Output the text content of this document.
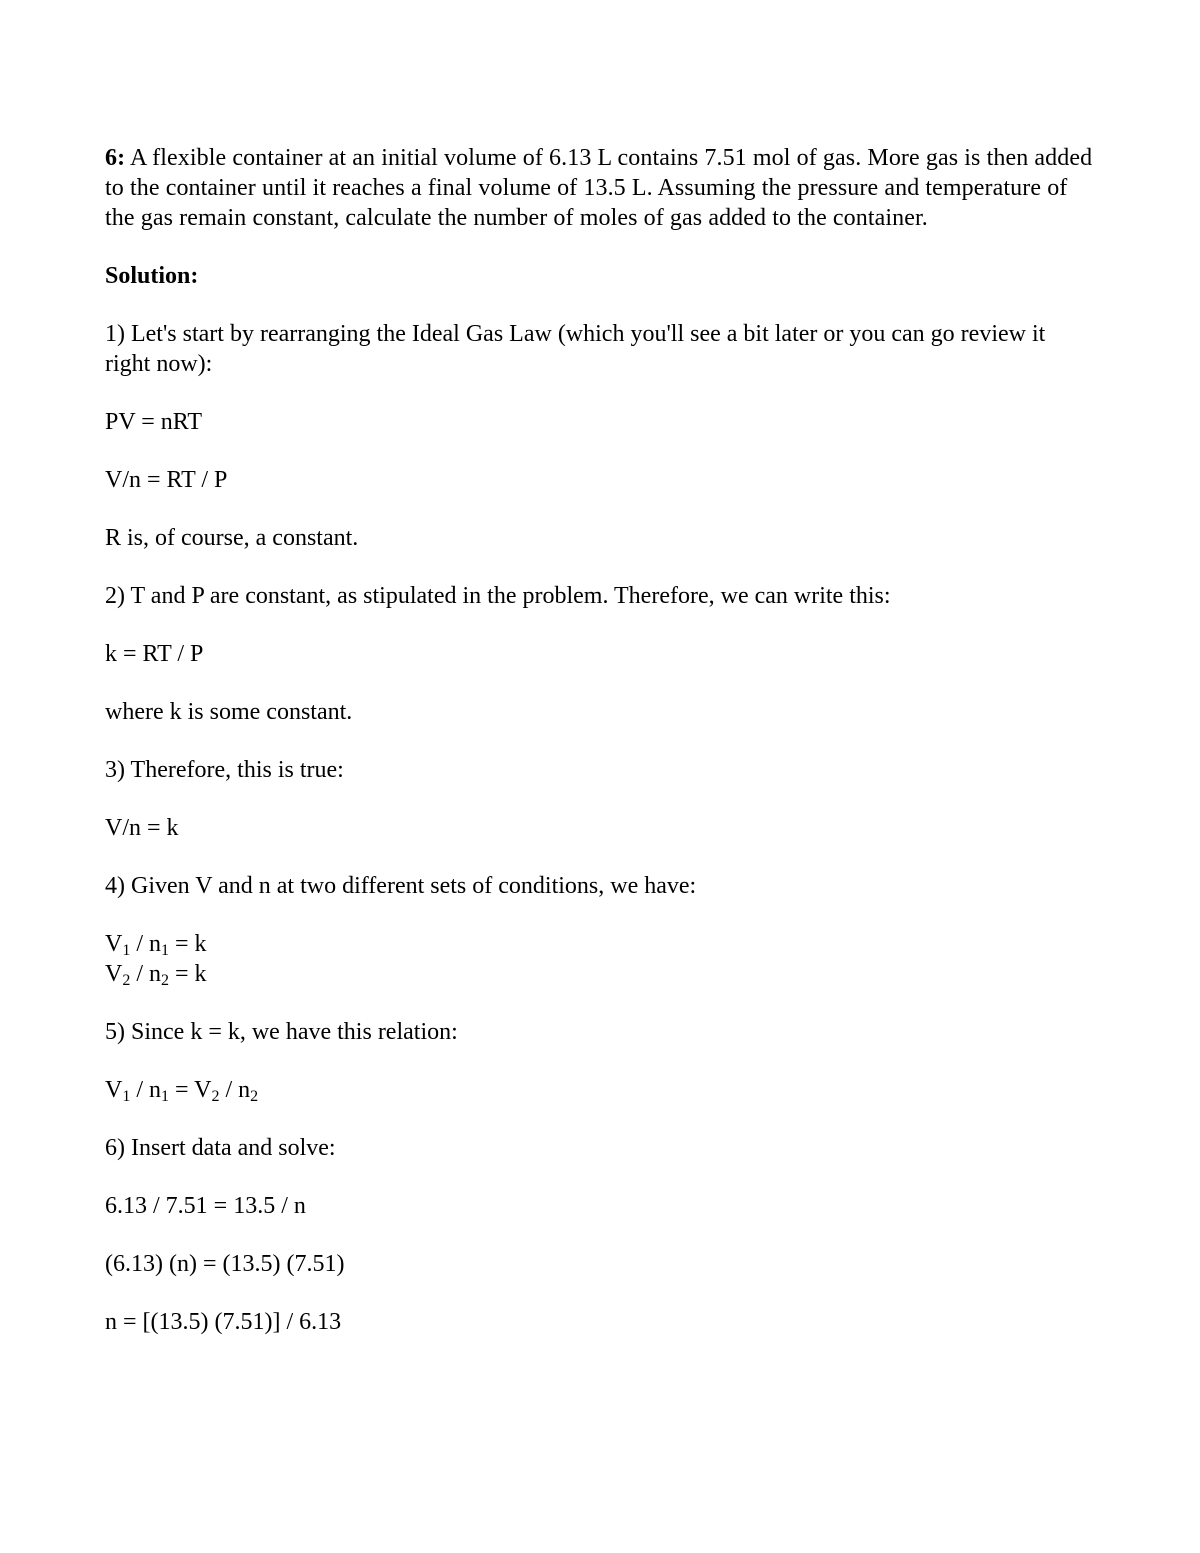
6: A flexible container at an initial volume of 6.13 L contains 7.51 mol of gas. More gas is then added to the container until it reaches a final volume of 13.5 L. Assuming the pressure and temperature of the gas remain constant, calculate the number of moles of gas added to the container.

Solution:

1) Let's start by rearranging the Ideal Gas Law (which you'll see a bit later or you can go review it right now):

PV = nRT

V/n = RT / P

R is, of course, a constant.

2) T and P are constant, as stipulated in the problem. Therefore, we can write this:

k = RT / P

where k is some constant.

3) Therefore, this is true:

V/n = k

4) Given V and n at two different sets of conditions, we have:

$V_1 / n_1 = k$

$V_2 / n_2 = k$

5) Since k = k, we have this relation:

$V_1 / n_1 = V_2 / n_2$

6) Insert data and solve:

6.13 / 7.51 = 13.5 / n

(6.13) (n) = (13.5) (7.51)

n = [(13.5) (7.51)] / 6.13
